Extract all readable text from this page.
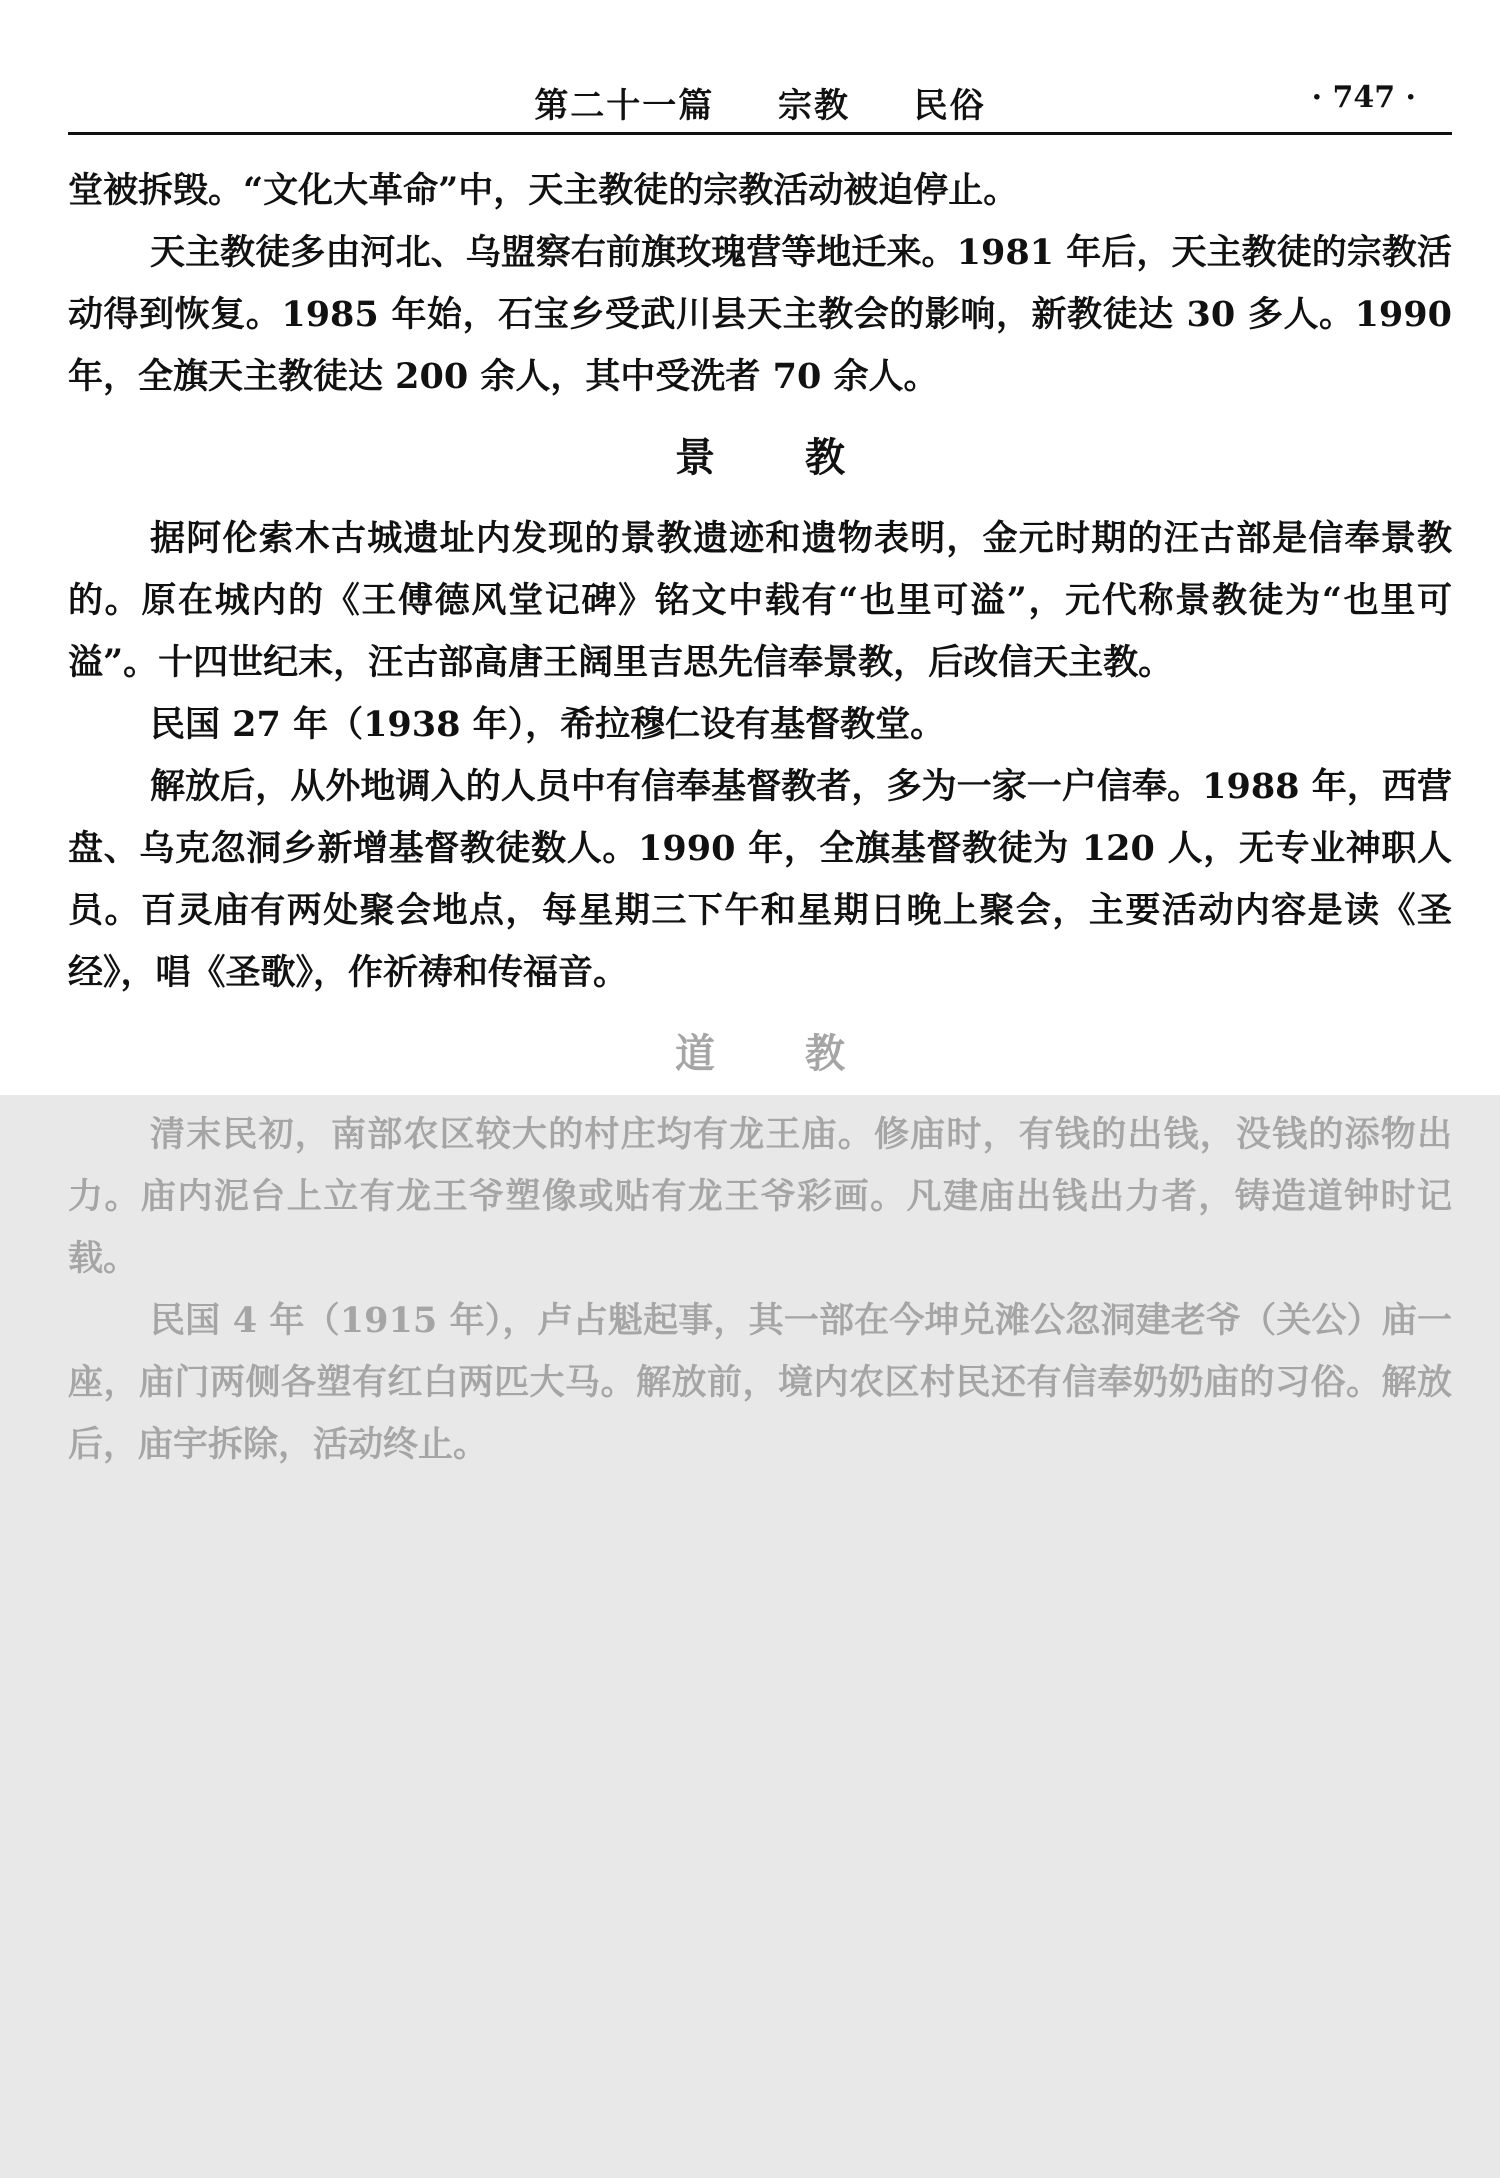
第二十一篇  宗教  民俗	· 747 ·

堂被拆毁。“文化大革命”中，天主教徒的宗教活动被迫停止。

天主教徒多由河北、乌盟察右前旗玫瑰营等地迁来。1981 年后，天主教徒的宗教活动得到恢复。1985 年始，石宝乡受武川县天主教会的影响，新教徒达 30 多人。1990 年，全旗天主教徒达 200 余人，其中受洗者 70 余人。

景教

据阿伦索木古城遗址内发现的景教遗迹和遗物表明，金元时期的汪古部是信奉景教的。原在城内的《王傅德风堂记碑》铭文中载有“也里可溢”，元代称景教徒为“也里可溢”。十四世纪末，汪古部高唐王阔里吉思先信奉景教，后改信天主教。

民国 27 年（1938 年），希拉穆仁设有基督教堂。

解放后，从外地调入的人员中有信奉基督教者，多为一家一户信奉。1988 年，西营盘、乌克忽洞乡新增基督教徒数人。1990 年，全旗基督教徒为 120 人，无专业神职人员。百灵庙有两处聚会地点，每星期三下午和星期日晚上聚会，主要活动内容是读《圣经》，唱《圣歌》，作祈祷和传福音。

道教

清末民初，南部农区较大的村庄均有龙王庙。修庙时，有钱的出钱，没钱的添物出力。庙内泥台上立有龙王爷塑像或贴有龙王爷彩画。凡建庙出钱出力者，铸造道钟时记载。

民国 4 年（1915 年），卢占魁起事，其一部在今坤兑滩公忽洞建老爷（关公）庙一座，庙门两侧各塑有红白两匹大马。解放前，境内农区村民还有信奉奶奶庙的习俗。解放后，庙宇拆除，活动终止。
